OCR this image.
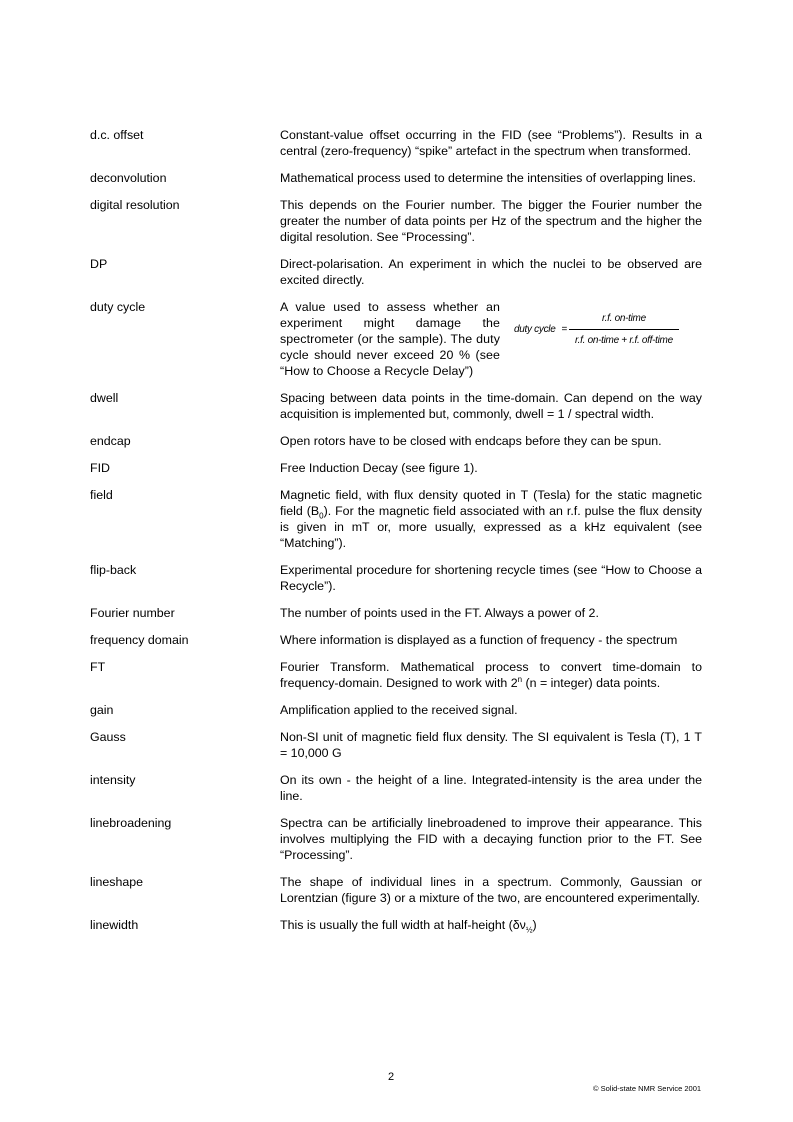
d.c. offset	Constant-value offset occurring in the FID (see “Problems”). Results in a central (zero-frequency) “spike” artefact in the spectrum when transformed.
deconvolution	Mathematical process used to determine the intensities of overlapping lines.
digital resolution	This depends on the Fourier number. The bigger the Fourier number the greater the number of data points per Hz of the spectrum and the higher the digital resolution. See “Processing”.
DP	Direct-polarisation. An experiment in which the nuclei to be observed are excited directly.
duty cycle	A value used to assess whether an experiment might damage the spectrometer (or the sample). The duty cycle should never exceed 20 % (see “How to Choose a Recycle Delay”)
duty cycle = $\frac{\text{r.f. on-time}}{\text{r.f. on-time + r.f. off-time}}$
dwell	Spacing between data points in the time-domain. Can depend on the way acquisition is implemented but, commonly, dwell = 1 / spectral width.
endcap	Open rotors have to be closed with endcaps before they can be spun.
FID	Free Induction Decay (see figure 1).
field	Magnetic field, with flux density quoted in T (Tesla) for the static magnetic field $(B_0)$. For the magnetic field associated with an r.f. pulse the flux density is given in mT or, more usually, expressed as a kHz equivalent (see “Matching”).
flip-back	Experimental procedure for shortening recycle times (see “How to Choose a Recycle”).
Fourier number	The number of points used in the FT. Always a power of 2.
frequency domain	Where information is displayed as a function of frequency - the spectrum
FT	Fourier Transform. Mathematical process to convert time-domain to frequency-domain. Designed to work with 2$^n$ (n = integer) data points.
gain	Amplification applied to the received signal.
Gauss	Non-SI unit of magnetic field flux density. The SI equivalent is Tesla (T), 1 T = 10,000 G
intensity	On its own - the height of a line. Integrated-intensity is the area under the line.
linebroadening	Spectra can be artificially linebroadened to improve their appearance. This involves multiplying the FID with a decaying function prior to the FT. See “Processing”.
lineshape	The shape of individual lines in a spectrum. Commonly, Gaussian or Lorentzian (figure 3) or a mixture of the two, are encountered experimentally.
linewidth	This is usually the full width at half-height $(\delta\nu_{\frac{1}{2}})$
2
© Solid-state NMR Service 2001
